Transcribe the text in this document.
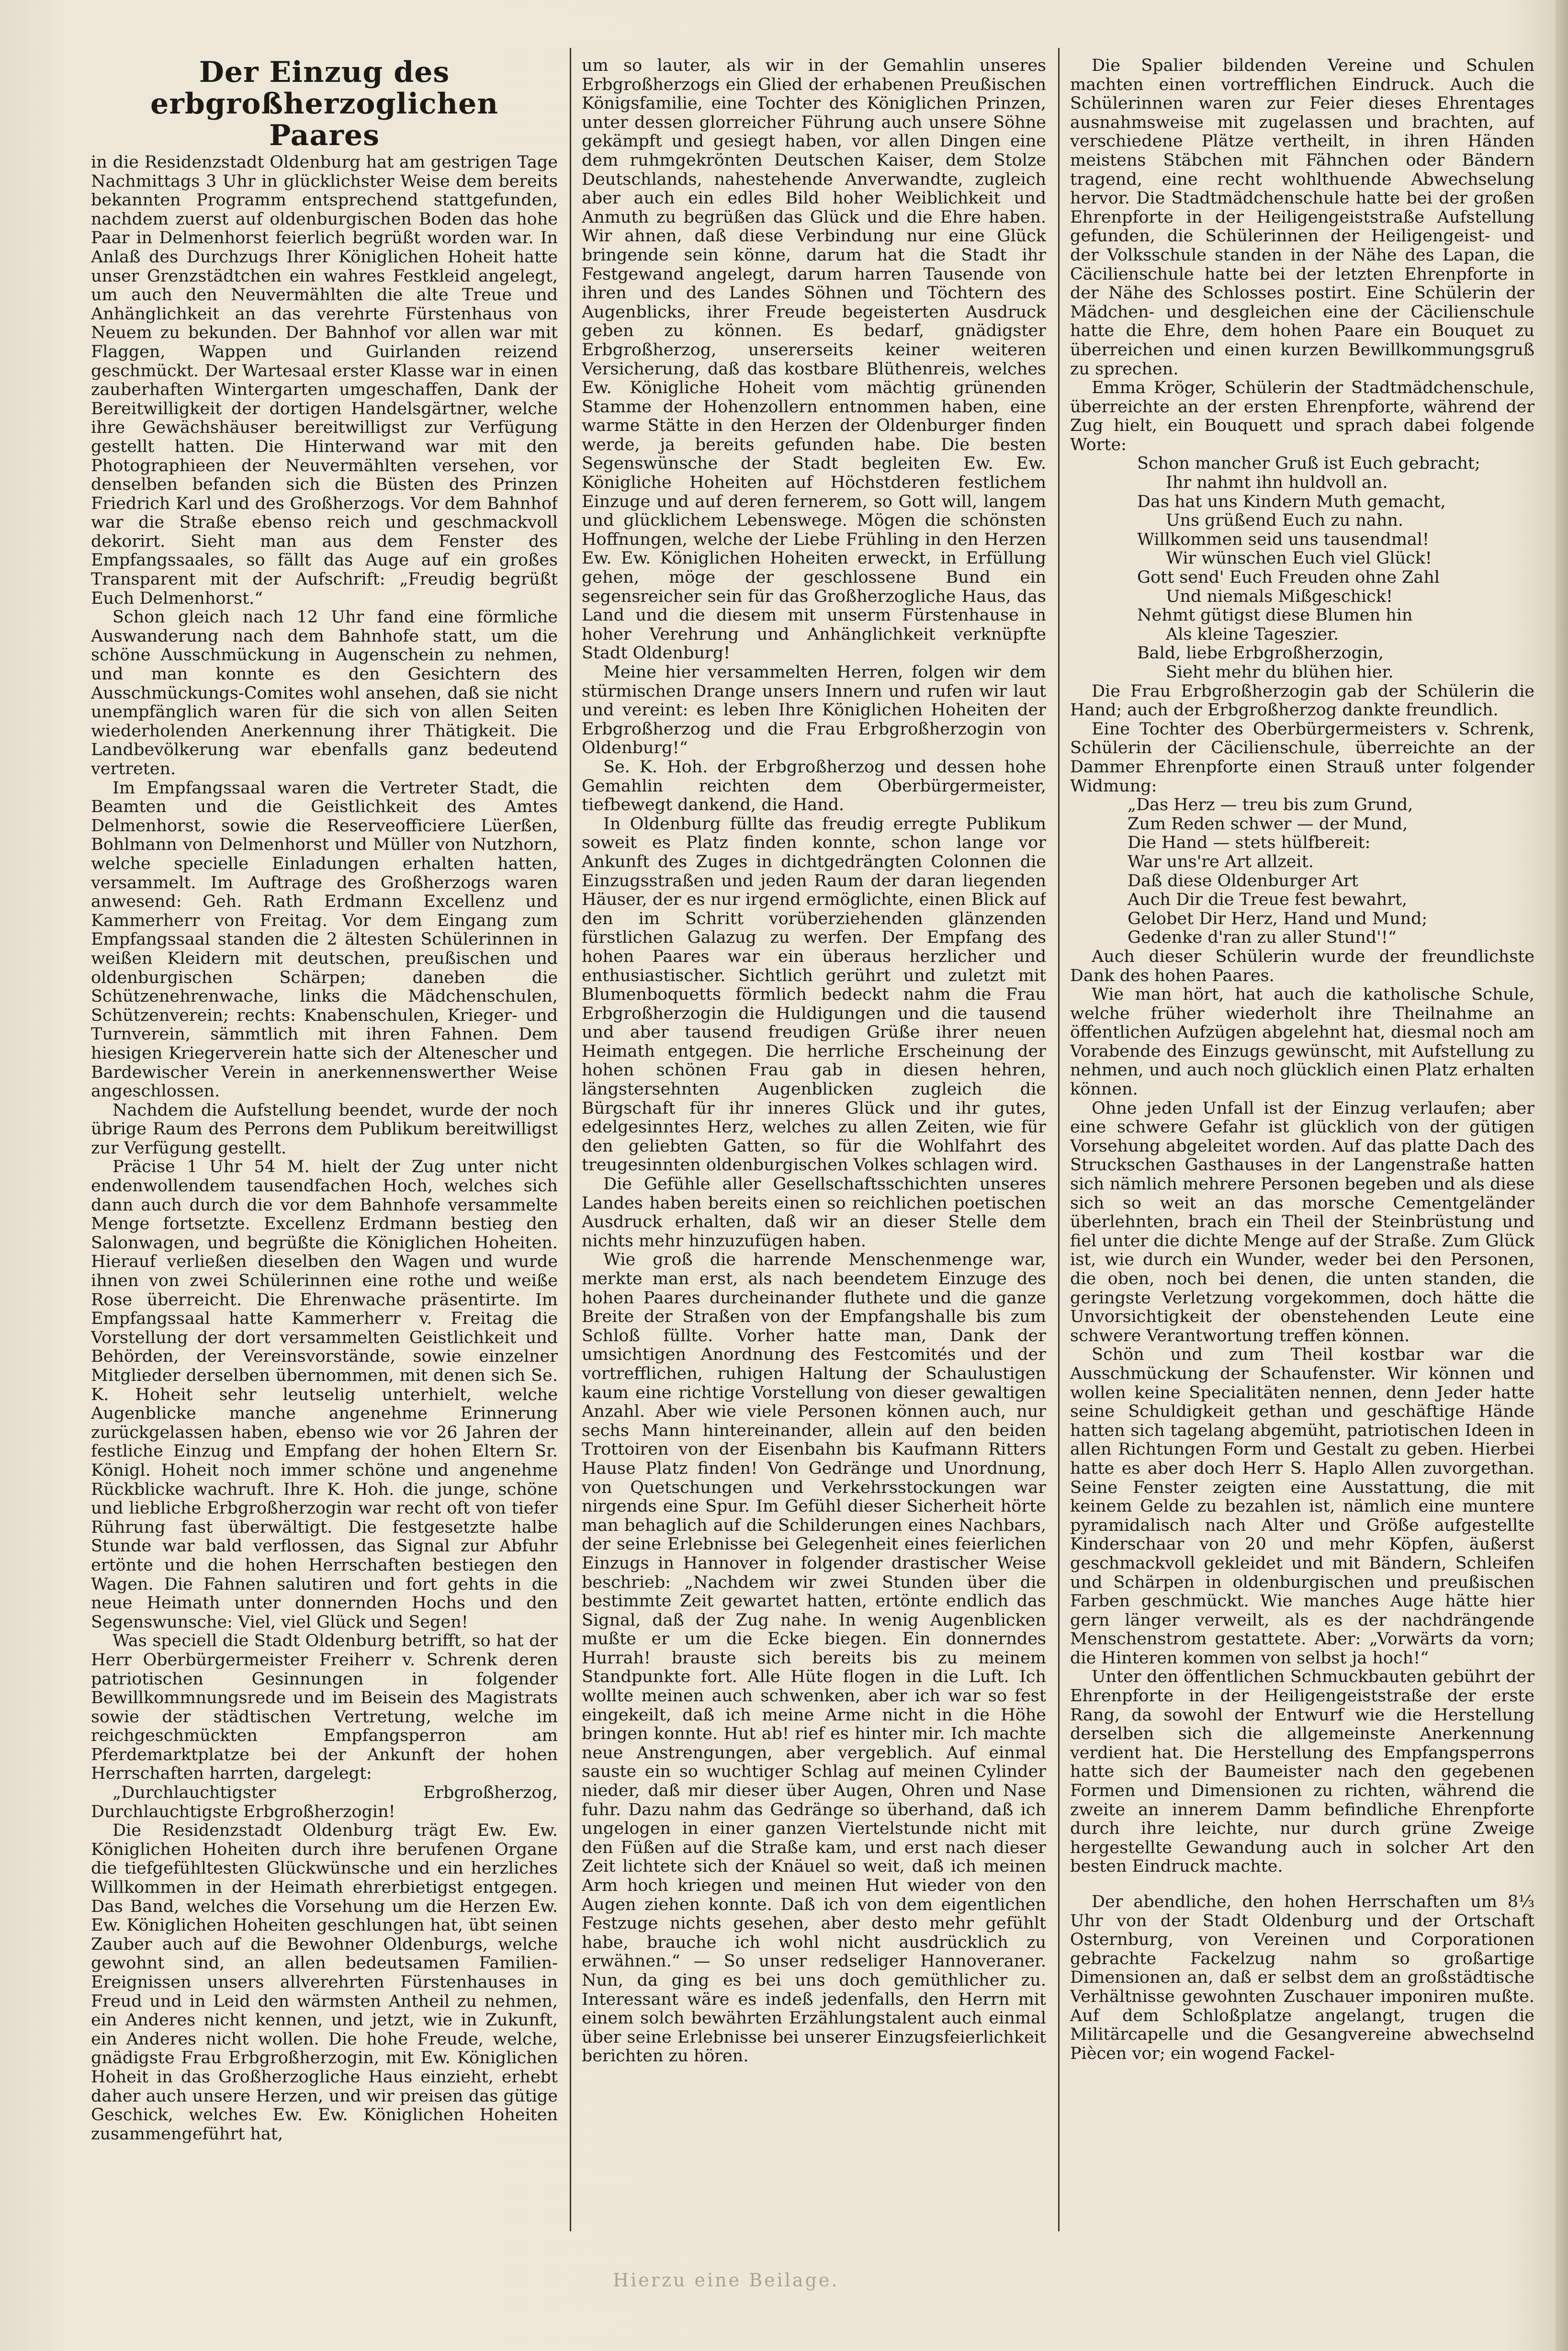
Der Einzug des erbgroßherzoglichen Paares

in die Residenzstadt Oldenburg hat am gestrigen Tage Nachmittags 3 Uhr in glücklichster Weise dem bereits bekannten Programm entsprechend stattgefunden, nachdem zuerst auf oldenburgischen Boden das hohe Paar in Delmenhorst feierlich begrüßt worden war. In Anlaß des Durchzugs Ihrer Königlichen Hoheit hatte unser Grenzstädtchen ein wahres Festkleid angelegt, um auch den Neuvermählten die alte Treue und Anhänglichkeit an das verehrte Fürstenhaus von Neuem zu bekunden. Der Bahnhof vor allen war mit Flaggen, Wappen und Guirlanden reizend geschmückt. Der Wartesaal erster Klasse war in einen zauberhaften Wintergarten umgeschaffen, Dank der Bereitwilligkeit der dortigen Handelsgärtner, welche ihre Gewächshäuser bereitwilligst zur Verfügung gestellt hatten. Die Hinterwand war mit den Photographieen der Neuvermählten versehen, vor denselben befanden sich die Büsten des Prinzen Friedrich Karl und des Großherzogs. Vor dem Bahnhof war die Straße ebenso reich und geschmackvoll dekorirt. Sieht man aus dem Fenster des Empfangssaales, so fällt das Auge auf ein großes Transparent mit der Aufschrift: „Freudig begrüßt Euch Delmenhorst.“

Schon gleich nach 12 Uhr fand eine förmliche Auswanderung nach dem Bahnhofe statt, um die schöne Ausschmückung in Augenschein zu nehmen, und man konnte es den Gesichtern des Ausschmückungs-Comites wohl ansehen, daß sie nicht unempfänglich waren für die sich von allen Seiten wiederholenden Anerkennung ihrer Thätigkeit. Die Landbevölkerung war ebenfalls ganz bedeutend vertreten.

Im Empfangssaal waren die Vertreter Stadt, die Beamten und die Geistlichkeit des Amtes Delmenhorst, sowie die Reserveofficiere Lüerßen, Bohlmann von Delmenhorst und Müller von Nutzhorn, welche specielle Einladungen erhalten hatten, versammelt. Im Auftrage des Großherzogs waren anwesend: Geh. Rath Erdmann Excellenz und Kammerherr von Freitag. Vor dem Eingang zum Empfangssaal standen die 2 ältesten Schülerinnen in weißen Kleidern mit deutschen, preußischen und oldenburgischen Schärpen; daneben die Schützenehrenwache, links die Mädchenschulen, Schützenverein; rechts: Knabenschulen, Krieger- und Turnverein, sämmtlich mit ihren Fahnen. Dem hiesigen Kriegerverein hatte sich der Altenescher und Bardewischer Verein in anerkennenswerther Weise angeschlossen.

Nachdem die Aufstellung beendet, wurde der noch übrige Raum des Perrons dem Publikum bereitwilligst zur Verfügung gestellt.

Präcise 1 Uhr 54 M. hielt der Zug unter nicht endenwollendem tausendfachen Hoch, welches sich dann auch durch die vor dem Bahnhofe versammelte Menge fortsetzte. Excellenz Erdmann bestieg den Salonwagen, und begrüßte die Königlichen Hoheiten. Hierauf verließen dieselben den Wagen und wurde ihnen von zwei Schülerinnen eine rothe und weiße Rose überreicht. Die Ehrenwache präsentirte. Im Empfangssaal hatte Kammerherr v. Freitag die Vorstellung der dort versammelten Geistlichkeit und Behörden, der Vereinsvorstände, sowie einzelner Mitglieder derselben übernommen, mit denen sich Se. K. Hoheit sehr leutselig unterhielt, welche Augenblicke manche angenehme Erinnerung zurückgelassen haben, ebenso wie vor 26 Jahren der festliche Einzug und Empfang der hohen Eltern Sr. Königl. Hoheit noch immer schöne und angenehme Rückblicke wachruft. Ihre K. Hoh. die junge, schöne und liebliche Erbgroßherzogin war recht oft von tiefer Rührung fast überwältigt. Die festgesetzte halbe Stunde war bald verflossen, das Signal zur Abfuhr ertönte und die hohen Herrschaften bestiegen den Wagen. Die Fahnen salutiren und fort gehts in die neue Heimath unter donnernden Hochs und den Segenswunsche: Viel, viel Glück und Segen!

Was speciell die Stadt Oldenburg betrifft, so hat der Herr Oberbürgermeister Freiherr v. Schrenk deren patriotischen Gesinnungen in folgender Bewillkommnungsrede und im Beisein des Magistrats sowie der städtischen Vertretung, welche im reichgeschmückten Empfangsperron am Pferdemarktplatze bei der Ankunft der hohen Herrschaften harrten, dargelegt:

„Durchlauchtigster Erbgroßherzog, Durchlauchtigste Erbgroßherzogin!

Die Residenzstadt Oldenburg trägt Ew. Ew. Königlichen Hoheiten durch ihre berufenen Organe die tiefgefühltesten Glückwünsche und ein herzliches Willkommen in der Heimath ehrerbietigst entgegen. Das Band, welches die Vorsehung um die Herzen Ew. Ew. Königlichen Hoheiten geschlungen hat, übt seinen Zauber auch auf die Bewohner Oldenburgs, welche gewohnt sind, an allen bedeutsamen Familien-Ereignissen unsers allverehrten Fürstenhauses in Freud und in Leid den wärmsten Antheil zu nehmen, ein Anderes nicht kennen, und jetzt, wie in Zukunft, ein Anderes nicht wollen. Die hohe Freude, welche, gnädigste Frau Erbgroßherzogin, mit Ew. Königlichen Hoheit in das Großherzogliche Haus einzieht, erhebt daher auch unsere Herzen, und wir preisen das gütige Geschick, welches Ew. Ew. Königlichen Hoheiten zusammengeführt hat,

um so lauter, als wir in der Gemahlin unseres Erbgroßherzogs ein Glied der erhabenen Preußischen Königsfamilie, eine Tochter des Königlichen Prinzen, unter dessen glorreicher Führung auch unsere Söhne gekämpft und gesiegt haben, vor allen Dingen eine dem ruhmgekrönten Deutschen Kaiser, dem Stolze Deutschlands, nahestehende Anverwandte, zugleich aber auch ein edles Bild hoher Weiblichkeit und Anmuth zu begrüßen das Glück und die Ehre haben. Wir ahnen, daß diese Verbindung nur eine Glück bringende sein könne, darum hat die Stadt ihr Festgewand angelegt, darum harren Tausende von ihren und des Landes Söhnen und Töchtern des Augenblicks, ihrer Freude begeisterten Ausdruck geben zu können. Es bedarf, gnädigster Erbgroßherzog, unsererseits keiner weiteren Versicherung, daß das kostbare Blüthenreis, welches Ew. Königliche Hoheit vom mächtig grünenden Stamme der Hohenzollern entnommen haben, eine warme Stätte in den Herzen der Oldenburger finden werde, ja bereits gefunden habe. Die besten Segenswünsche der Stadt begleiten Ew. Ew. Königliche Hoheiten auf Höchstderen festlichem Einzuge und auf deren fernerem, so Gott will, langem und glücklichem Lebenswege. Mögen die schönsten Hoffnungen, welche der Liebe Frühling in den Herzen Ew. Ew. Königlichen Hoheiten erweckt, in Erfüllung gehen, möge der geschlossene Bund ein segensreicher sein für das Großherzogliche Haus, das Land und die diesem mit unserm Fürstenhause in hoher Verehrung und Anhänglichkeit verknüpfte Stadt Oldenburg!

Meine hier versammelten Herren, folgen wir dem stürmischen Drange unsers Innern und rufen wir laut und vereint: es leben Ihre Königlichen Hoheiten der Erbgroßherzog und die Frau Erbgroßherzogin von Oldenburg!“

Se. K. Hoh. der Erbgroßherzog und dessen hohe Gemahlin reichten dem Oberbürgermeister, tiefbewegt dankend, die Hand.

In Oldenburg füllte das freudig erregte Publikum soweit es Platz finden konnte, schon lange vor Ankunft des Zuges in dichtgedrängten Colonnen die Einzugsstraßen und jeden Raum der daran liegenden Häuser, der es nur irgend ermöglichte, einen Blick auf den im Schritt vorüberziehenden glänzenden fürstlichen Galazug zu werfen. Der Empfang des hohen Paares war ein überaus herzlicher und enthusiastischer. Sichtlich gerührt und zuletzt mit Blumenboquetts förmlich bedeckt nahm die Frau Erbgroßherzogin die Huldigungen und die tausend und aber tausend freudigen Grüße ihrer neuen Heimath entgegen. Die herrliche Erscheinung der hohen schönen Frau gab in diesen hehren, längstersehnten Augenblicken zugleich die Bürgschaft für ihr inneres Glück und ihr gutes, edelgesinntes Herz, welches zu allen Zeiten, wie für den geliebten Gatten, so für die Wohlfahrt des treugesinnten oldenburgischen Volkes schlagen wird.

Die Gefühle aller Gesellschaftsschichten unseres Landes haben bereits einen so reichlichen poetischen Ausdruck erhalten, daß wir an dieser Stelle dem nichts mehr hinzuzufügen haben.

Wie groß die harrende Menschenmenge war, merkte man erst, als nach beendetem Einzuge des hohen Paares durcheinander fluthete und die ganze Breite der Straßen von der Empfangshalle bis zum Schloß füllte. Vorher hatte man, Dank der umsichtigen Anordnung des Festcomités und der vortrefflichen, ruhigen Haltung der Schaulustigen kaum eine richtige Vorstellung von dieser gewaltigen Anzahl. Aber wie viele Personen können auch, nur sechs Mann hintereinander, allein auf den beiden Trottoiren von der Eisenbahn bis Kaufmann Ritters Hause Platz finden! Von Gedränge und Unordnung, von Quetschungen und Verkehrsstockungen war nirgends eine Spur. Im Gefühl dieser Sicherheit hörte man behaglich auf die Schilderungen eines Nachbars, der seine Erlebnisse bei Gelegenheit eines feierlichen Einzugs in Hannover in folgender drastischer Weise beschrieb: „Nachdem wir zwei Stunden über die bestimmte Zeit gewartet hatten, ertönte endlich das Signal, daß der Zug nahe. In wenig Augenblicken mußte er um die Ecke biegen. Ein donnerndes Hurrah! brauste sich bereits bis zu meinem Standpunkte fort. Alle Hüte flogen in die Luft. Ich wollte meinen auch schwenken, aber ich war so fest eingekeilt, daß ich meine Arme nicht in die Höhe bringen konnte. Hut ab! rief es hinter mir. Ich machte neue Anstrengungen, aber vergeblich. Auf einmal sauste ein so wuchtiger Schlag auf meinen Cylinder nieder, daß mir dieser über Augen, Ohren und Nase fuhr. Dazu nahm das Gedränge so überhand, daß ich ungelogen in einer ganzen Viertelstunde nicht mit den Füßen auf die Straße kam, und erst nach dieser Zeit lichtete sich der Knäuel so weit, daß ich meinen Arm hoch kriegen und meinen Hut wieder von den Augen ziehen konnte. Daß ich von dem eigentlichen Festzuge nichts gesehen, aber desto mehr gefühlt habe, brauche ich wohl nicht ausdrücklich zu erwähnen.“ — So unser redseliger Hannoveraner. Nun, da ging es bei uns doch gemüthlicher zu. Interessant wäre es indeß jedenfalls, den Herrn mit einem solch bewährten Erzählungstalent auch einmal über seine Erlebnisse bei unserer Einzugsfeierlichkeit berichten zu hören.

Die Spalier bildenden Vereine und Schulen machten einen vortrefflichen Eindruck. Auch die Schülerinnen waren zur Feier dieses Ehrentages ausnahmsweise mit zugelassen und brachten, auf verschiedene Plätze vertheilt, in ihren Händen meistens Stäbchen mit Fähnchen oder Bändern tragend, eine recht wohlthuende Abwechselung hervor. Die Stadtmädchenschule hatte bei der großen Ehrenpforte in der Heiligengeiststraße Aufstellung gefunden, die Schülerinnen der Heiligengeist- und der Volksschule standen in der Nähe des Lapan, die Cäcilienschule hatte bei der letzten Ehrenpforte in der Nähe des Schlosses postirt. Eine Schülerin der Mädchen- und desgleichen eine der Cäcilienschule hatte die Ehre, dem hohen Paare ein Bouquet zu überreichen und einen kurzen Bewillkommungsgruß zu sprechen.

Emma Kröger, Schülerin der Stadtmädchenschule, überreichte an der ersten Ehrenpforte, während der Zug hielt, ein Bouquett und sprach dabei folgende Worte:

Schon mancher Gruß ist Euch gebracht;

Ihr nahmt ihn huldvoll an.

Das hat uns Kindern Muth gemacht,

Uns grüßend Euch zu nahn.

Willkommen seid uns tausendmal!

Wir wünschen Euch viel Glück!

Gott send' Euch Freuden ohne Zahl

Und niemals Mißgeschick!

Nehmt gütigst diese Blumen hin

Als kleine Tageszier.

Bald, liebe Erbgroßherzogin,

Sieht mehr du blühen hier.

Die Frau Erbgroßherzogin gab der Schülerin die Hand; auch der Erbgroßherzog dankte freundlich.

Eine Tochter des Oberbürgermeisters v. Schrenk, Schülerin der Cäcilienschule, überreichte an der Dammer Ehrenpforte einen Strauß unter folgender Widmung:

„Das Herz — treu bis zum Grund,

Zum Reden schwer — der Mund,

Die Hand — stets hülfbereit:

War uns're Art allzeit.

Daß diese Oldenburger Art

Auch Dir die Treue fest bewahrt,

Gelobet Dir Herz, Hand und Mund;

Gedenke d'ran zu aller Stund'!“

Auch dieser Schülerin wurde der freundlichste Dank des hohen Paares.

Wie man hört, hat auch die katholische Schule, welche früher wiederholt ihre Theilnahme an öffentlichen Aufzügen abgelehnt hat, diesmal noch am Vorabende des Einzugs gewünscht, mit Aufstellung zu nehmen, und auch noch glücklich einen Platz erhalten können.

Ohne jeden Unfall ist der Einzug verlaufen; aber eine schwere Gefahr ist glücklich von der gütigen Vorsehung abgeleitet worden. Auf das platte Dach des Struckschen Gasthauses in der Langenstraße hatten sich nämlich mehrere Personen begeben und als diese sich so weit an das morsche Cementgeländer überlehnten, brach ein Theil der Steinbrüstung und fiel unter die dichte Menge auf der Straße. Zum Glück ist, wie durch ein Wunder, weder bei den Personen, die oben, noch bei denen, die unten standen, die geringste Verletzung vorgekommen, doch hätte die Unvorsichtigkeit der obenstehenden Leute eine schwere Verantwortung treffen können.

Schön und zum Theil kostbar war die Ausschmückung der Schaufenster. Wir können und wollen keine Specialitäten nennen, denn Jeder hatte seine Schuldigkeit gethan und geschäftige Hände hatten sich tagelang abgemüht, patriotischen Ideen in allen Richtungen Form und Gestalt zu geben. Hierbei hatte es aber doch Herr S. Haplo Allen zuvorgethan. Seine Fenster zeigten eine Ausstattung, die mit keinem Gelde zu bezahlen ist, nämlich eine muntere pyramidalisch nach Alter und Größe aufgestellte Kinderschaar von 20 und mehr Köpfen, äußerst geschmackvoll gekleidet und mit Bändern, Schleifen und Schärpen in oldenburgischen und preußischen Farben geschmückt. Wie manches Auge hätte hier gern länger verweilt, als es der nachdrängende Menschenstrom gestattete. Aber: „Vorwärts da vorn; die Hinteren kommen von selbst ja hoch!“

Unter den öffentlichen Schmuckbauten gebührt der Ehrenpforte in der Heiligengeiststraße der erste Rang, da sowohl der Entwurf wie die Herstellung derselben sich die allgemeinste Anerkennung verdient hat. Die Herstellung des Empfangsperrons hatte sich der Baumeister nach den gegebenen Formen und Dimensionen zu richten, während die zweite an innerem Damm befindliche Ehrenpforte durch ihre leichte, nur durch grüne Zweige hergestellte Gewandung auch in solcher Art den besten Eindruck machte.

Der abendliche, den hohen Herrschaften um 8⅓ Uhr von der Stadt Oldenburg und der Ortschaft Osternburg, von Vereinen und Corporationen gebrachte Fackelzug nahm so großartige Dimensionen an, daß er selbst dem an großstädtische Verhältnisse gewohnten Zuschauer imponiren mußte. Auf dem Schloßplatze angelangt, trugen die Militärcapelle und die Gesangvereine abwechselnd Piècen vor; ein wogend Fackel-

Hierzu eine Beilage.
